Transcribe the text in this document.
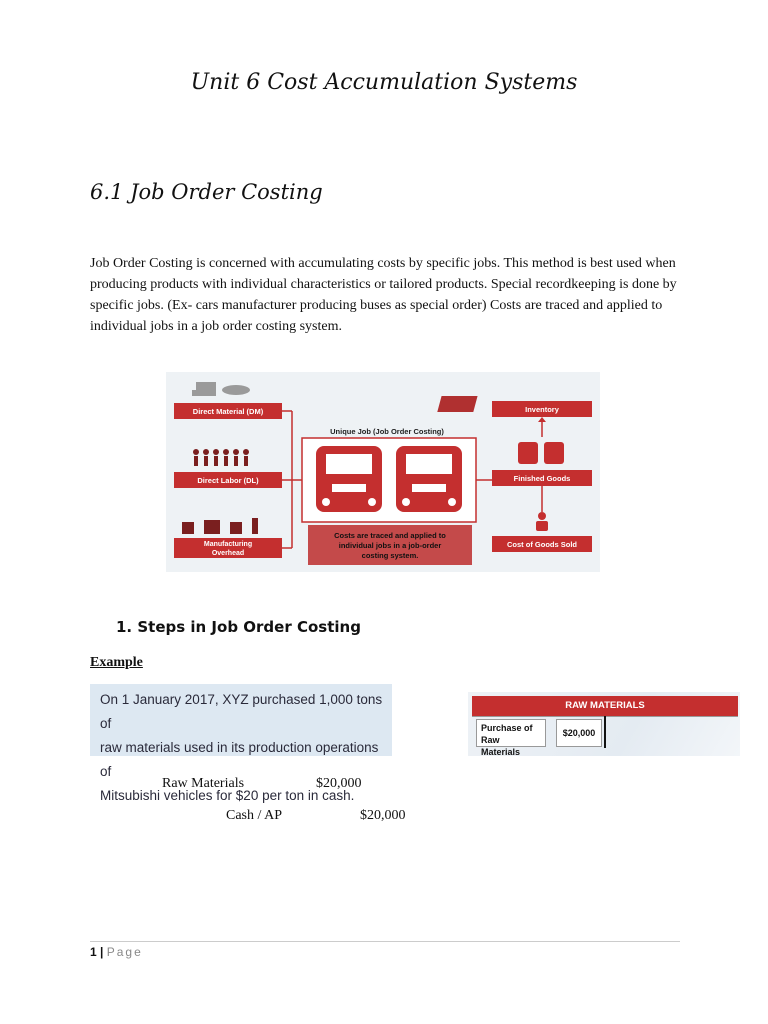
Unit 6 Cost Accumulation Systems
6.1 Job Order Costing
Job Order Costing is concerned with accumulating costs by specific jobs. This method is best used when producing products with individual characteristics or tailored products. Special recordkeeping is done by specific jobs. (Ex- cars manufacturer producing buses as special order) Costs are traced and applied to individual jobs in a job order costing system.
Direct Material (DM)
Direct Labor (DL)
Manufacturing
Overhead
Unique Job (Job Order Costing)
Costs are traced and applied to
individual jobs in a job-order
costing system.
Inventory
Finished Goods
Cost of Goods Sold
1. Steps in Job Order Costing
Example
On 1 January 2017, XYZ purchased 1,000 tons of
raw materials used in its production operations of
Mitsubishi vehicles for $20 per ton in cash.
RAW MATERIALS
Purchase of Raw Materials
$20,000
Raw Materials	$20,000
Cash / AP	$20,000
1 | Page
